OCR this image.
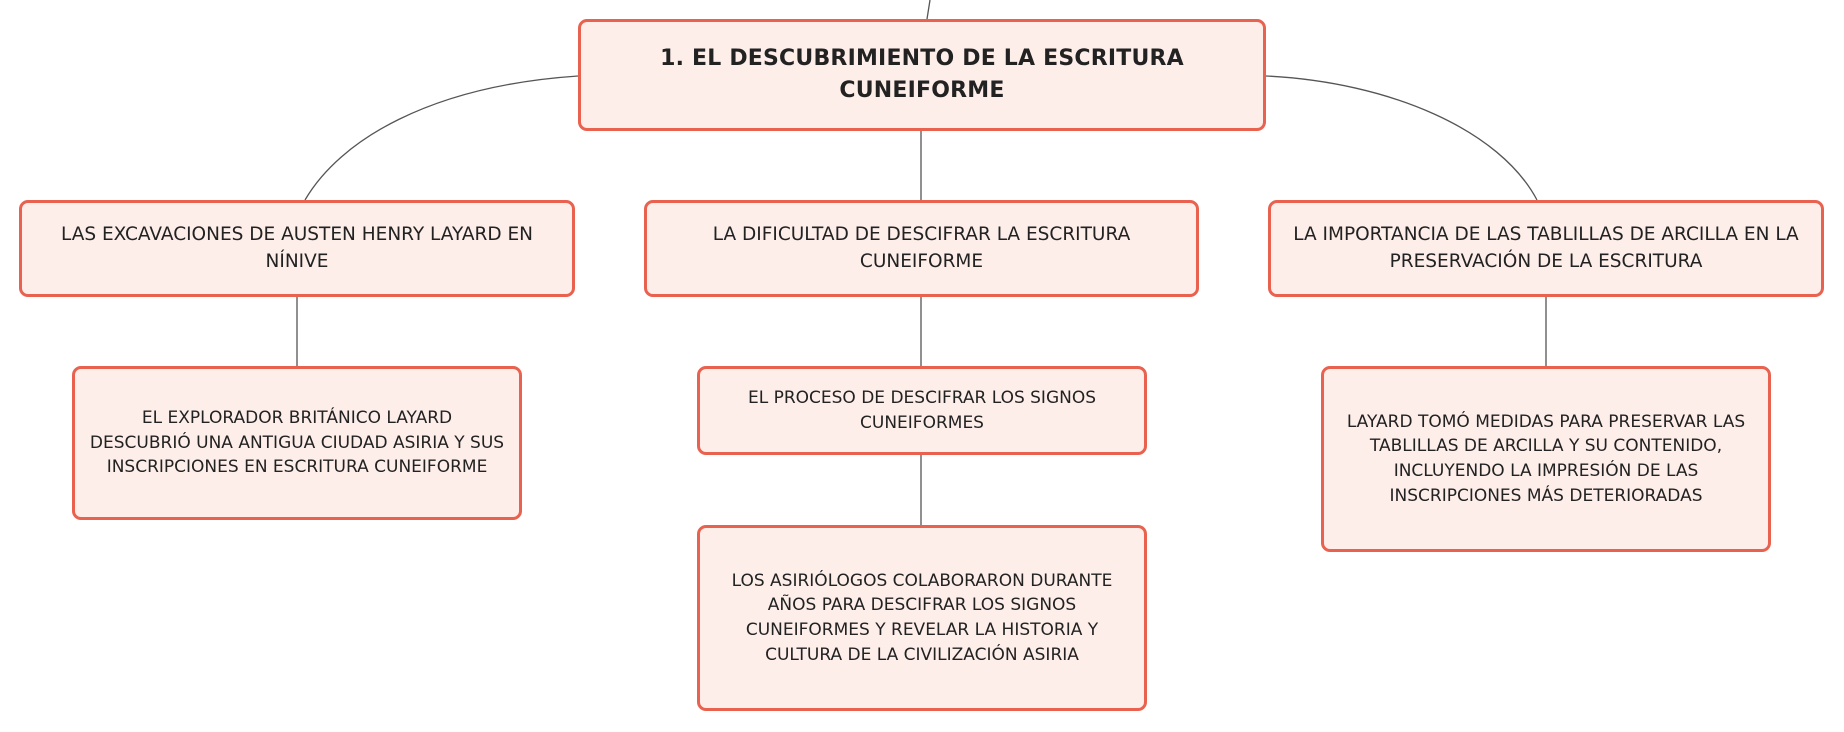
1. EL DESCUBRIMIENTO DE LA ESCRITURA CUNEIFORME
LAS EXCAVACIONES DE AUSTEN HENRY LAYARD EN NÍNIVE
LA DIFICULTAD DE DESCIFRAR LA ESCRITURA CUNEIFORME
LA IMPORTANCIA DE LAS TABLILLAS DE ARCILLA EN LA PRESERVACIÓN DE LA ESCRITURA
EL EXPLORADOR BRITÁNICO LAYARD DESCUBRIÓ UNA ANTIGUA CIUDAD ASIRIA Y SUS INSCRIPCIONES EN ESCRITURA CUNEIFORME
EL PROCESO DE DESCIFRAR LOS SIGNOS CUNEIFORMES
LOS ASIRIÓLOGOS COLABORARON DURANTE AÑOS PARA DESCIFRAR LOS SIGNOS CUNEIFORMES Y REVELAR LA HISTORIA Y CULTURA DE LA CIVILIZACIÓN ASIRIA
LAYARD TOMÓ MEDIDAS PARA PRESERVAR LAS TABLILLAS DE ARCILLA Y SU CONTENIDO, INCLUYENDO LA IMPRESIÓN DE LAS INSCRIPCIONES MÁS DETERIORADAS
